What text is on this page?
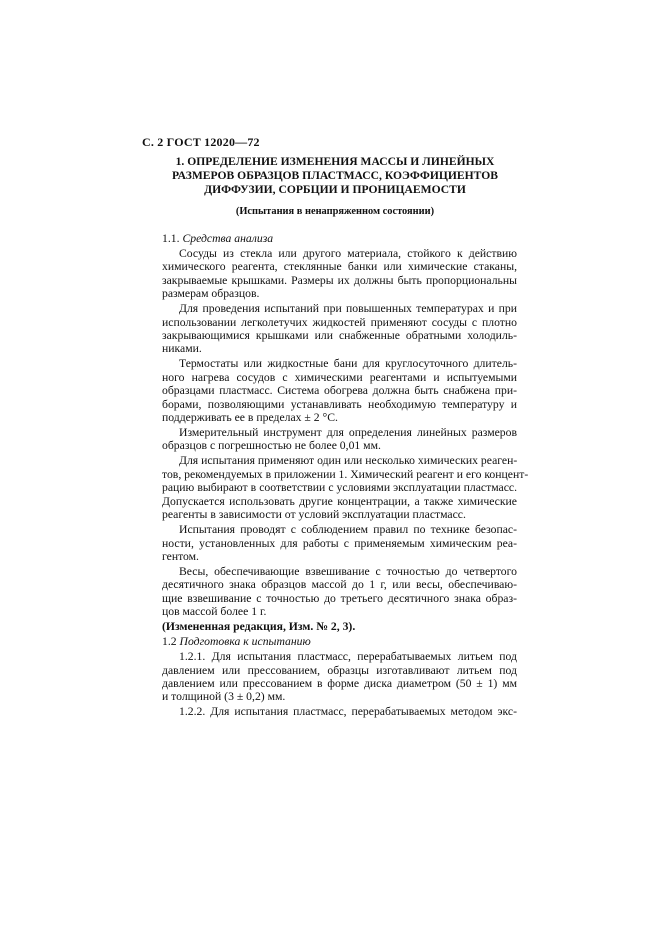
С. 2 ГОСТ 12020—72
1. ОПРЕДЕЛЕНИЕ ИЗМЕНЕНИЯ МАССЫ И ЛИНЕЙНЫХ
РАЗМЕРОВ ОБРАЗЦОВ ПЛАСТМАСС, КОЭФФИЦИЕНТОВ
ДИФФУЗИИ, СОРБЦИИ И ПРОНИЦАЕМОСТИ
(Испытания в ненапряженном состоянии)

1.1. Средства анализа

Сосуды из стекла или другого материала, стойкого к действию
химического реагента, стеклянные банки или химические стаканы,
закрываемые крышками. Размеры их должны быть пропорциональны
размерам образцов.

Для проведения испытаний при повышенных температурах и при
использовании легколетучих жидкостей применяют сосуды с плотно
закрывающимися крышками или снабженные обратными холодиль-
никами.

Термостаты или жидкостные бани для круглосуточного длитель-
ного нагрева сосудов с химическими реагентами и испытуемыми
образцами пластмасс. Система обогрева должна быть снабжена при-
борами, позволяющими устанавливать необходимую температуру и
поддерживать ее в пределах ± 2 °С.

Измерительный инструмент для определения линейных размеров
образцов с погрешностью не более 0,01 мм.

Для испытания применяют один или несколько химических реаген-
тов, рекомендуемых в приложении 1. Химический реагент и его концент-
рацию выбирают в соответствии с условиями эксплуатации пластмасс.
Допускается использовать другие концентрации, а также химические
реагенты в зависимости от условий эксплуатации пластмасс.

Испытания проводят с соблюдением правил по технике безопас-
ности, установленных для работы с применяемым химическим реа-
гентом.

Весы, обеспечивающие взвешивание с точностью до четвертого
десятичного знака образцов массой до 1 г, или весы, обеспечиваю-
щие взвешивание с точностью до третьего десятичного знака образ-
цов массой более 1 г.

(Измененная редакция, Изм. № 2, 3).

1.2 Подготовка к испытанию

1.2.1. Для испытания пластмасс, перерабатываемых литьем под
давлением или прессованием, образцы изготавливают литьем под
давлением или прессованием в форме диска диаметром (50 ± 1) мм
и толщиной (3 ± 0,2) мм.

1.2.2. Для испытания пластмасс, перерабатываемых методом экс-
